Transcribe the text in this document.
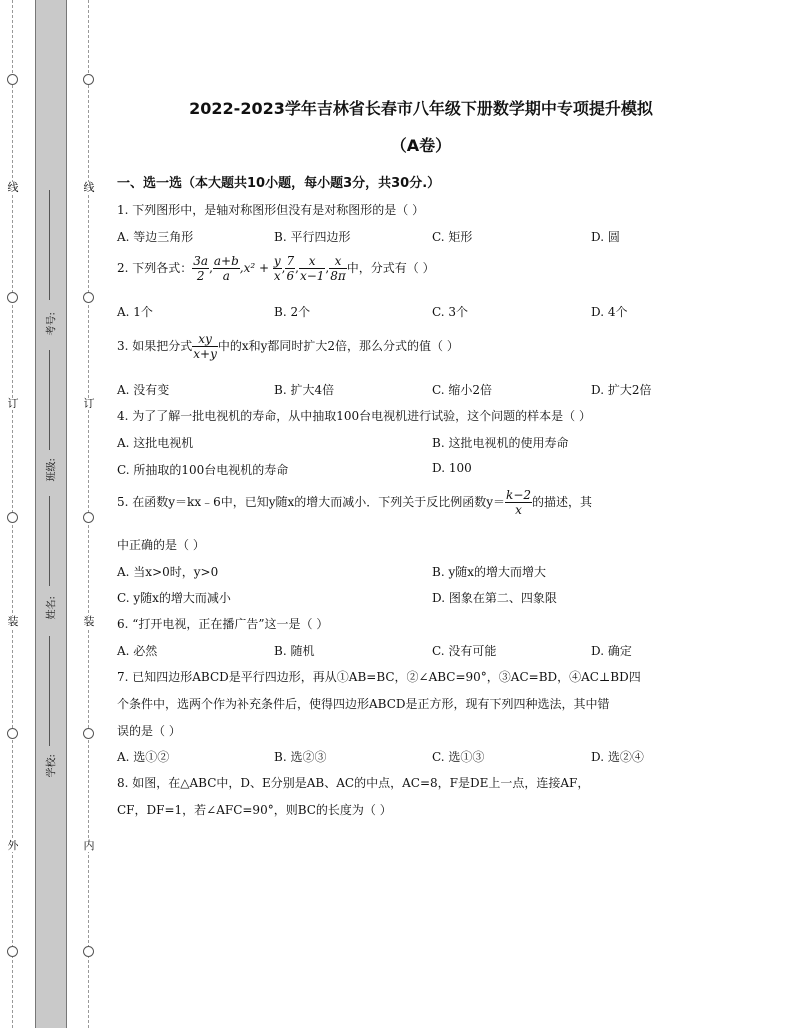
线
订
装
外
线
订
装
内
考号:
班级:
姓名:
学校:
2022-2023学年吉林省长春市八年级下册数学期中专项提升模拟
（A卷）
一、选一选（本大题共10小题，每小题3分，共30分.）
1. 下列图形中，是轴对称图形但没有是对称图形的是（ ）
A. 等边三角形	B. 平行四边形	C. 矩形	D. 圆
2. 下列各式： $\frac{3a}{2}$ , $\frac{a+b}{a} ,x^2 + \frac{y}{x}$ , $\frac{7}{6}$ , $\frac{x}{x-1}$ , $\frac{x}{8\pi}$ 中，分式有（ ）
A. 1个	B. 2个	C. 3个	D. 4个
3. 如果把分式 $\frac{xy}{x+y}$ 中的x和y都同时扩大2倍，那么分式的值（ ）
A. 没有变	B. 扩大4倍	C. 缩小2倍	D. 扩大2倍
4. 为了了解一批电视机的寿命，从中抽取100台电视机进行试验，这个问题的样本是（ ）
A. 这批电视机	B. 这批电视机的使用寿命
C. 所抽取的100台电视机的寿命	D. 100
5. 在函数y＝kx﹣6中，已知y随x的增大而减小．下列关于反比例函数$y= \frac{k-2}{x}$ 的描述，其
中正确的是（ ）
A. 当x>0时，y>0	B. y随x的增大而增大
C. y随x的增大而减小	D. 图象在第二、四象限
6. “打开电视，正在播广告”这一是（ ）
A. 必然	B. 随机	C. 没有可能	D. 确定
7. 已知四边形ABCD是平行四边形，再从①AB=BC，②∠ABC=90°，③AC=BD，④AC⊥BD四
个条件中，选两个作为补充条件后，使得四边形ABCD是正方形，现有下列四种选法，其中错
误的是（ ）
A. 选①②	B. 选②③	C. 选①③	D. 选②④
8. 如图，在△ABC中，D、E分别是AB、AC的中点，AC=8，F是DE上一点，连接AF，
CF，DF=1，若∠AFC=90°，则BC的长度为（ ）
